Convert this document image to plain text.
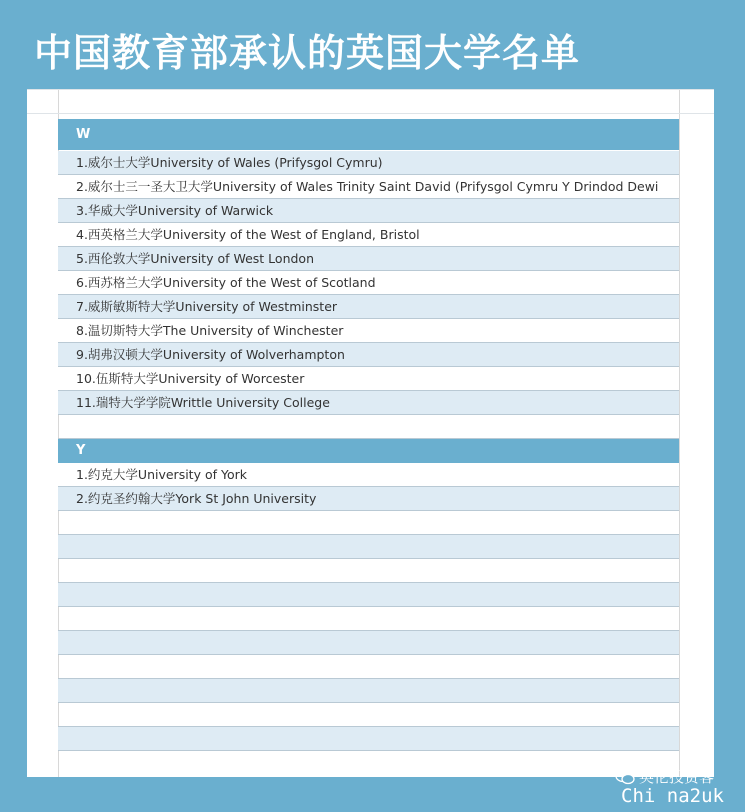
中国教育部承认的英国大学名单
W
1.威尔士大学University of Wales (Prifysgol Cymru)
2.威尔士三一圣大卫大学University of Wales Trinity Saint David (Prifysgol Cymru Y Drindod Dewi
3.华威大学University of Warwick
4.西英格兰大学University of the West of England, Bristol
5.西伦敦大学University of West London
6.西苏格兰大学University of the West of Scotland
7.威斯敏斯特大学University of Westminster
8.温切斯特大学The University of Winchester
9.胡弗汉顿大学University of Wolverhampton
10.伍斯特大学University of Worcester
11.瑞特大学学院Writtle University College
Y
1.约克大学University of York
2.约克圣约翰大学York St John University
英伦投资客
Chi na2uk
